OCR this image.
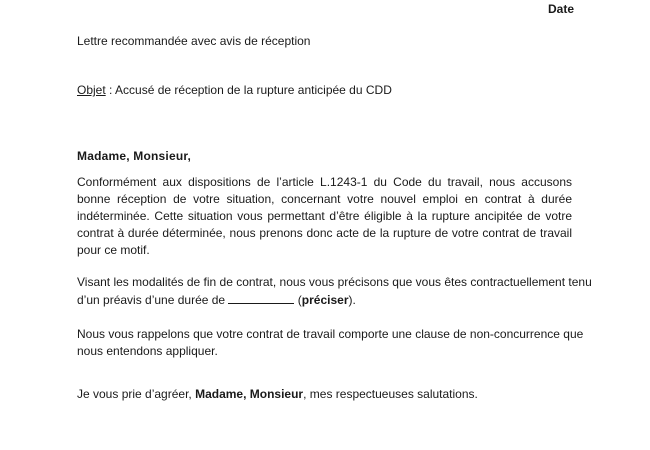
Date
Lettre recommandée avec avis de réception
Objet : Accusé de réception de la rupture anticipée du CDD
Madame, Monsieur,
Conformément aux dispositions de l’article L.1243-1 du Code du travail, nous accusons bonne réception de votre situation, concernant votre nouvel emploi en contrat à durée indéterminée. Cette situation vous permettant d’être éligible à la rupture ancipitée de votre contrat à durée déterminée, nous prenons donc acte de la rupture de votre contrat de travail pour ce motif.
Visant les modalités de fin de contrat, nous vous précisons que vous êtes contractuellement tenu d’un préavis d’une durée de	(préciser).
Nous vous rappelons que votre contrat de travail comporte une clause de non-concurrence que nous entendons appliquer.
Je vous prie d’agréer, Madame, Monsieur, mes respectueuses salutations.
